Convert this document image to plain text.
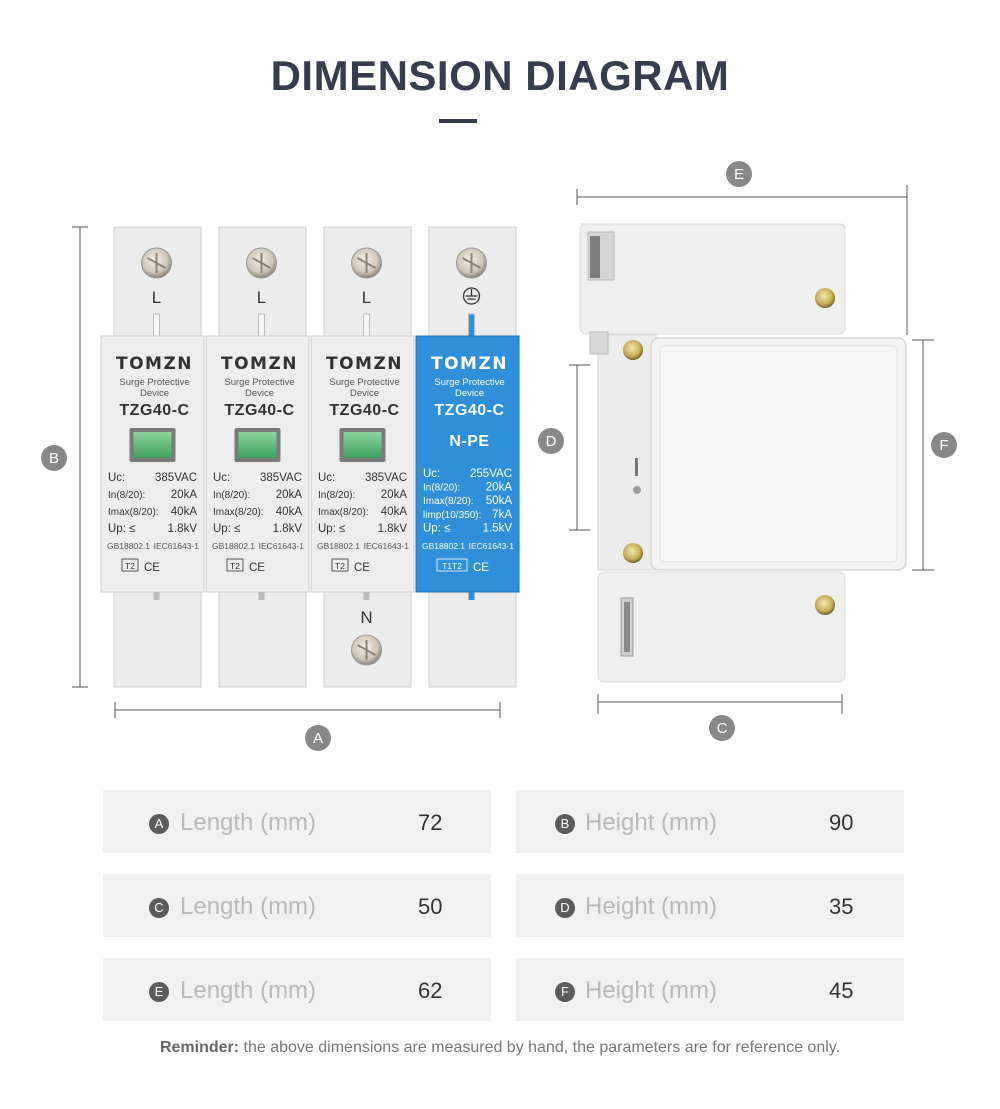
DIMENSION DIAGRAM
L
TOMZN
Surge Protective
Device
TZG40-C
Uc:	385VAC
In(8/20): 20kA
Imax(8/20): 40kA
Up: ≤	1.8kV
GB18802.1 IEC61643-1
T2 CE
L
TOMZN
Surge Protective
Device
TZG40-C
Uc:	385VAC
In(8/20): 20kA
Imax(8/20): 40kA
Up: ≤	1.8kV
GB18802.1 IEC61643-1
T2 CE
L
TOMZN
Surge Protective
Device
TZG40-C
Uc:	385VAC
In(8/20): 20kA
Imax(8/20): 40kA
Up: ≤	1.8kV
GB18802.1 IEC61643-1
T2 CE
N
TOMZN
Surge Protective
Device
TZG40-C
N-PE
Uc:	255VAC
In(8/20): 20kA
Imax(8/20): 50kA
limp(10/350): 7kA
Up: ≤	1.5kV
GB18802.1 IEC61643-1
T1T2 CE
B
A
E
D	F
C
A Length (mm)	72	B Height (mm)	90
C Length (mm)	50	D Height (mm)	35
E Length (mm)	62	F Height (mm)	45
Reminder: the above dimensions are measured by hand, the parameters are for reference only.
